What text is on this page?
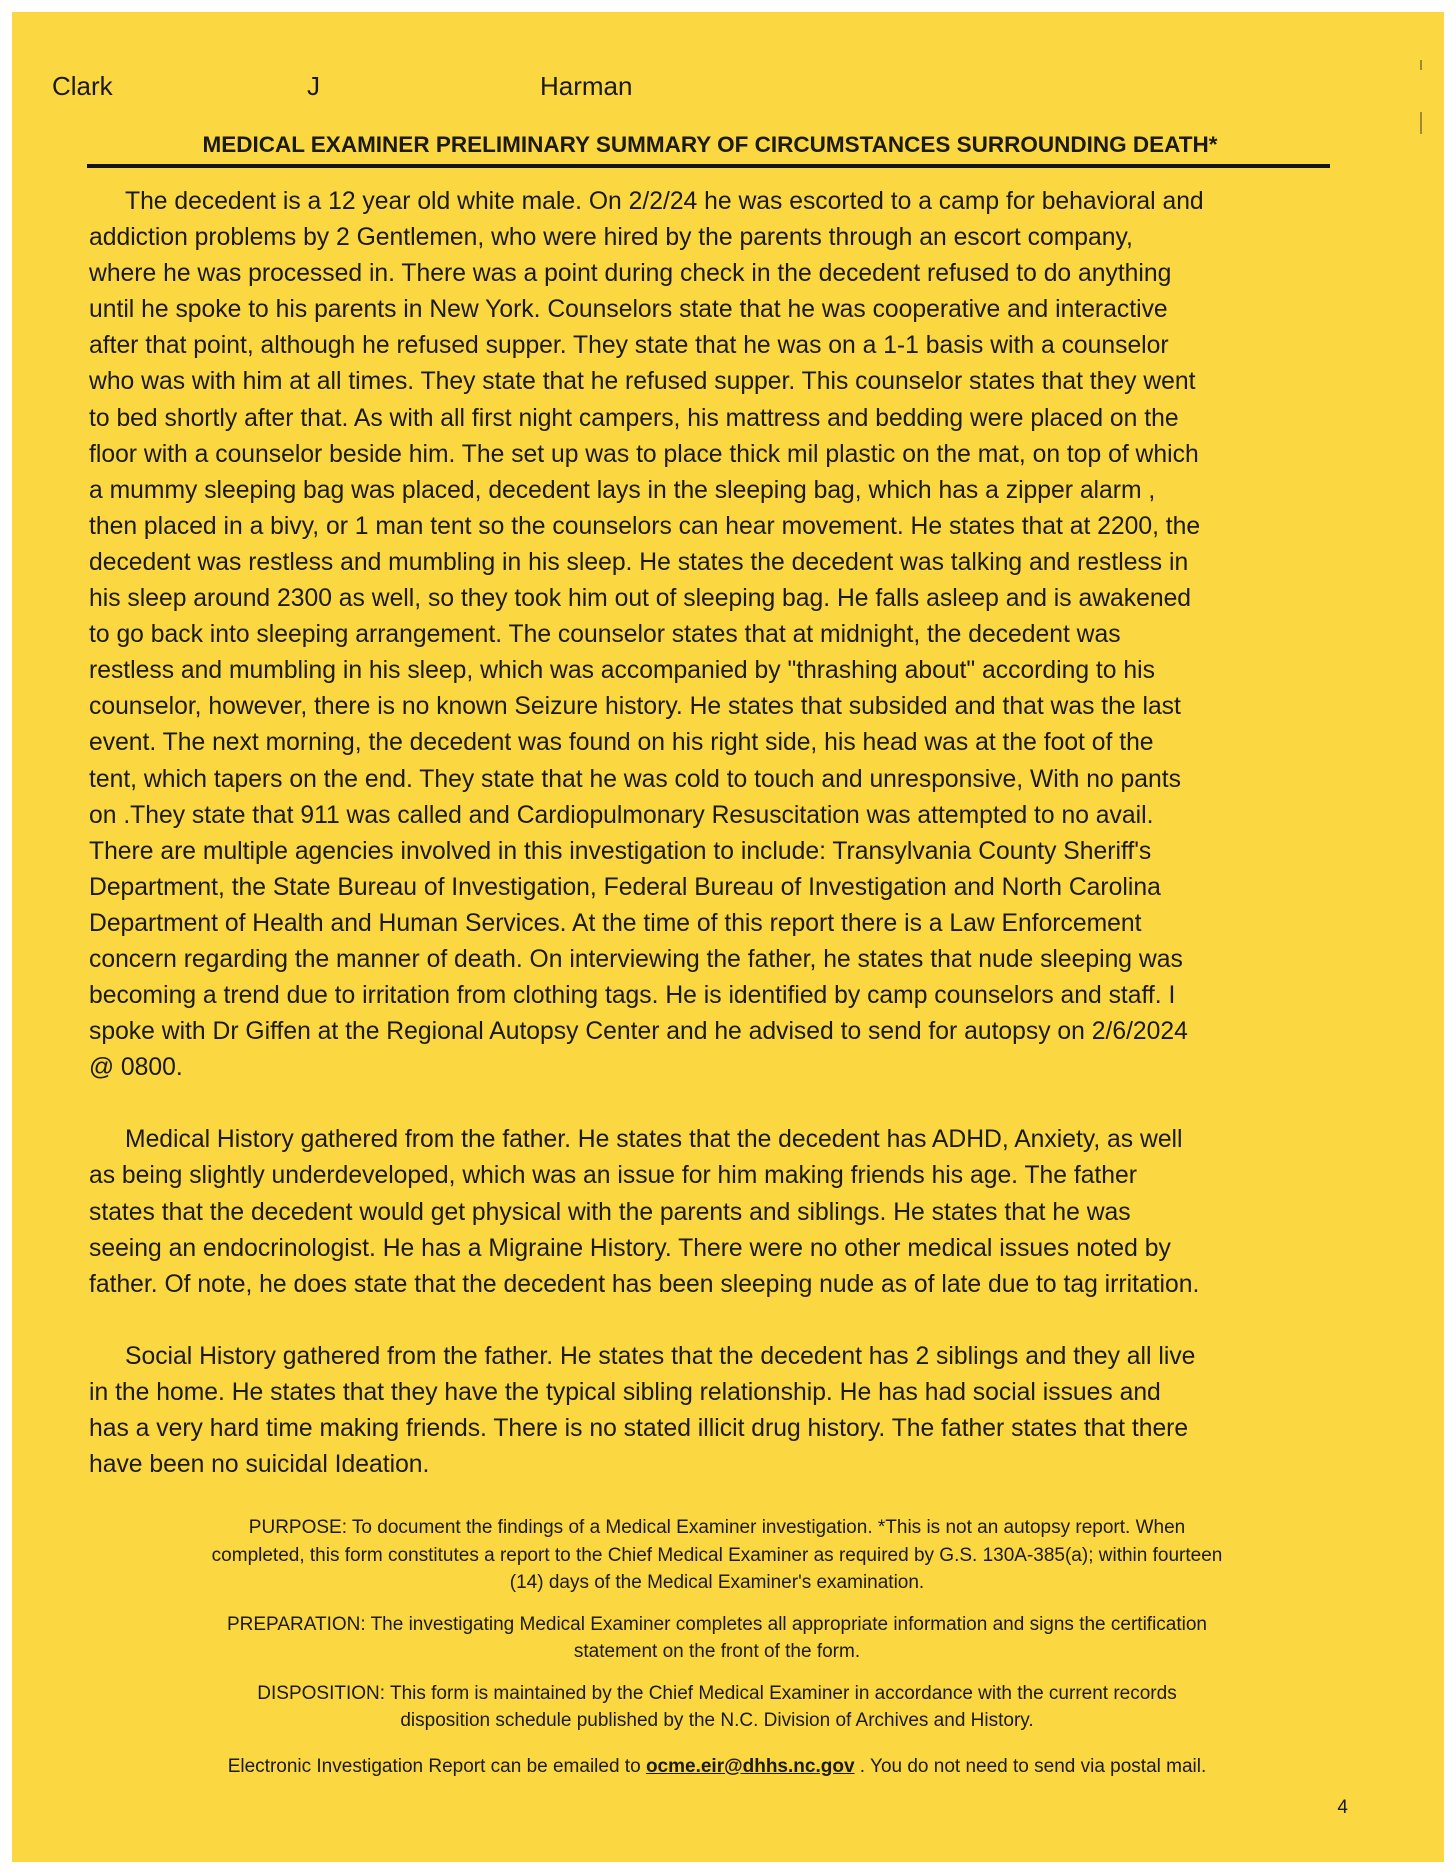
Clark	J	Harman
MEDICAL EXAMINER PRELIMINARY SUMMARY OF CIRCUMSTANCES SURROUNDING DEATH*

The decedent is a 12 year old white male. On 2/2/24 he was escorted to a camp for behavioral and
addiction problems by 2 Gentlemen, who were hired by the parents through an escort company,
where he was processed in. There was a point during check in the decedent refused to do anything
until he spoke to his parents in New York. Counselors state that he was cooperative and interactive
after that point, although he refused supper. They state that he was on a 1-1 basis with a counselor
who was with him at all times. They state that he refused supper. This counselor states that they went
to bed shortly after that. As with all first night campers, his mattress and bedding were placed on the
floor with a counselor beside him. The set up was to place thick mil plastic on the mat, on top of which
a mummy sleeping bag was placed, decedent lays in the sleeping bag, which has a zipper alarm ,
then placed in a bivy, or 1 man tent so the counselors can hear movement. He states that at 2200, the
decedent was restless and mumbling in his sleep. He states the decedent was talking and restless in
his sleep around 2300 as well, so they took him out of sleeping bag. He falls asleep and is awakened
to go back into sleeping arrangement. The counselor states that at midnight, the decedent was
restless and mumbling in his sleep, which was accompanied by "thrashing about" according to his
counselor, however, there is no known Seizure history. He states that subsided and that was the last
event. The next morning, the decedent was found on his right side, his head was at the foot of the
tent, which tapers on the end. They state that he was cold to touch and unresponsive, With no pants
on .They state that 911 was called and Cardiopulmonary Resuscitation was attempted to no avail.
There are multiple agencies involved in this investigation to include: Transylvania County Sheriff's
Department, the State Bureau of Investigation, Federal Bureau of Investigation and North Carolina
Department of Health and Human Services. At the time of this report there is a Law Enforcement
concern regarding the manner of death. On interviewing the father, he states that nude sleeping was
becoming a trend due to irritation from clothing tags. He is identified by camp counselors and staff. I
spoke with Dr Giffen at the Regional Autopsy Center and he advised to send for autopsy on 2/6/2024
@ 0800.

Medical History gathered from the father. He states that the decedent has ADHD, Anxiety, as well
as being slightly underdeveloped, which was an issue for him making friends his age. The father
states that the decedent would get physical with the parents and siblings. He states that he was
seeing an endocrinologist. He has a Migraine History. There were no other medical issues noted by
father. Of note, he does state that the decedent has been sleeping nude as of late due to tag irritation.

Social History gathered from the father. He states that the decedent has 2 siblings and they all live
in the home. He states that they have the typical sibling relationship. He has had social issues and
has a very hard time making friends. There is no stated illicit drug history. The father states that there
have been no suicidal Ideation.

PURPOSE: To document the findings of a Medical Examiner investigation. *This is not an autopsy report. When
completed, this form constitutes a report to the Chief Medical Examiner as required by G.S. 130A-385(a); within fourteen
(14) days of the Medical Examiner's examination.

PREPARATION: The investigating Medical Examiner completes all appropriate information and signs the certification
statement on the front of the form.

DISPOSITION: This form is maintained by the Chief Medical Examiner in accordance with the current records
disposition schedule published by the N.C. Division of Archives and History.

Electronic Investigation Report can be emailed to ocme.eir@dhhs.nc.gov . You do not need to send via postal mail.

4
